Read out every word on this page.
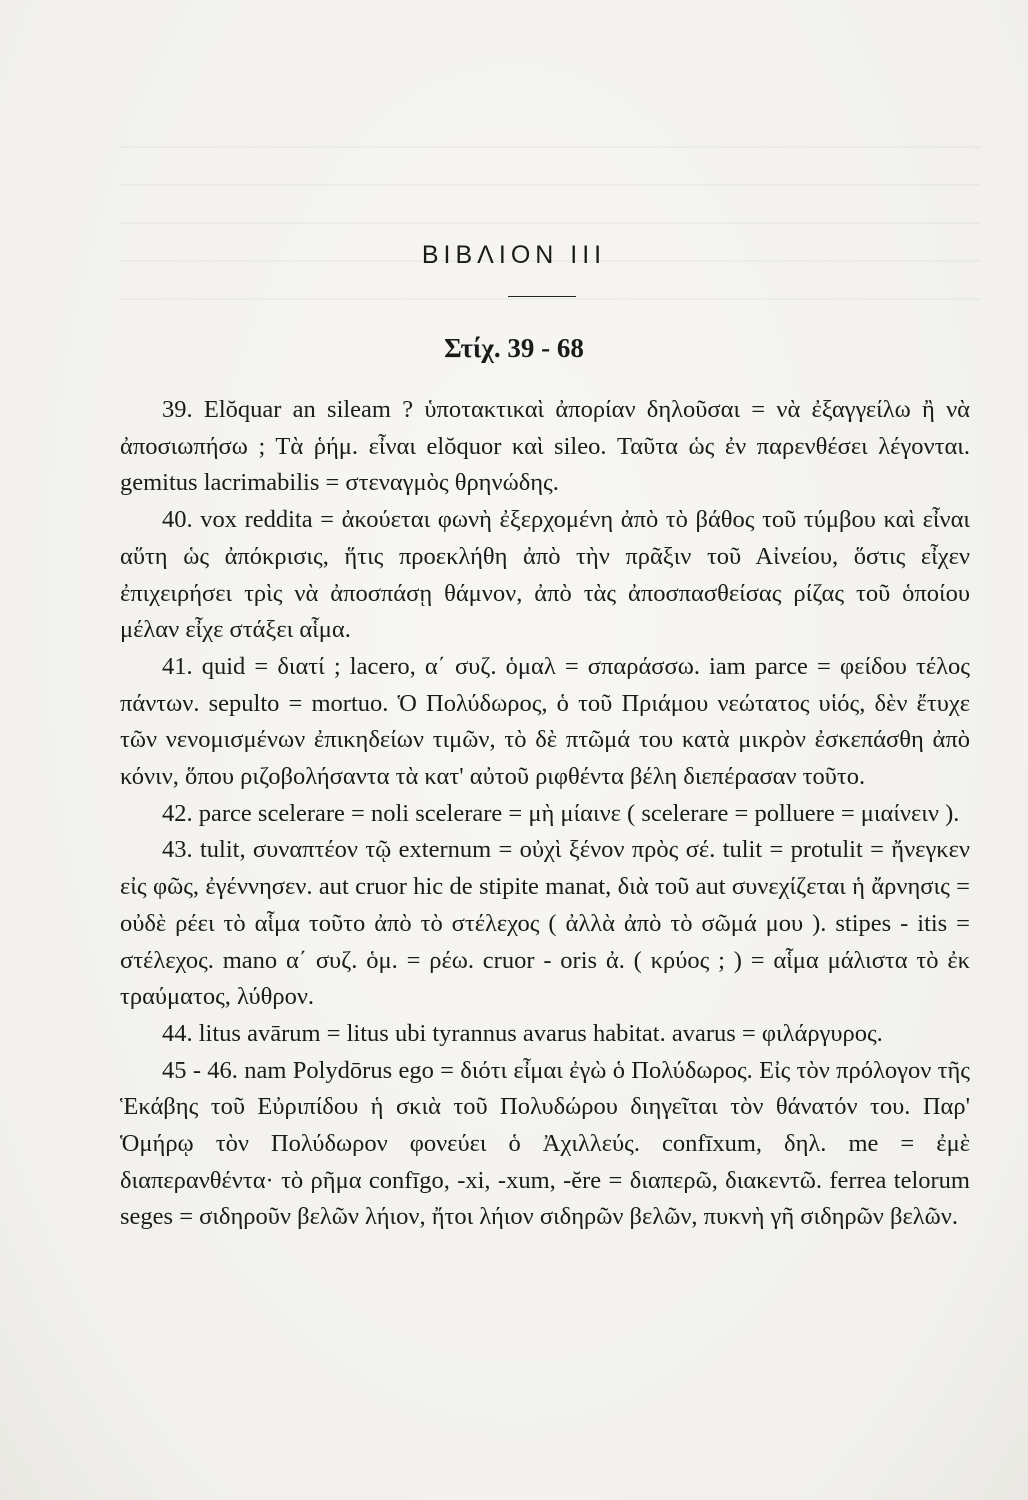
ΒΙΒΛΙΟΝ III
Στίχ. 39 - 68

39. Elŏquar an sileam ? ὑποτακτικαὶ ἀπορίαν δηλοῦσαι = νὰ ἐξαγγείλω ἢ νὰ ἀποσιωπήσω ; Τὰ ῥήμ. εἶναι elŏquor καὶ sileo. Ταῦτα ὡς ἐν παρενθέσει λέγονται. gemitus lacrimabilis = στεναγμὸς θρηνώδης.

40. vox reddita = ἀκούεται φωνὴ ἐξερχομένη ἀπὸ τὸ βάθος τοῦ τύμβου καὶ εἶναι αὕτη ὡς ἀπόκρισις, ἥτις προεκλήθη ἀπὸ τὴν πρᾶξιν τοῦ Αἰνείου, ὅστις εἶχεν ἐπιχειρήσει τρὶς νὰ ἀποσπάσῃ θάμνον, ἀπὸ τὰς ἀποσπασθείσας ρίζας τοῦ ὁποίου μέλαν εἶχε στάξει αἷμα.

41. quid = διατί ; lacero, α΄ συζ. ὁμαλ = σπαράσσω. iam parce = φείδου τέλος πάντων. sepulto = mortuo. Ὁ Πολύδωρος, ὁ τοῦ Πριάμου νεώτατος υἱός, δὲν ἔτυχε τῶν νενομισμένων ἐπικηδείων τιμῶν, τὸ δὲ πτῶμά του κατὰ μικρὸν ἐσκεπάσθη ἀπὸ κόνιν, ὅπου ριζοβολήσαντα τὰ κατ' αὐτοῦ ριφθέντα βέλη διεπέρασαν τοῦτο.

42. parce scelerare = noli scelerare = μὴ μίαινε ( scelerare = polluere = μιαίνειν ).

43. tulit, συναπτέον τῷ externum = οὐχὶ ξένον πρὸς σέ. tulit = protulit = ἤνεγκεν εἰς φῶς, ἐγέννησεν. aut cruor hic de stipite manat, διὰ τοῦ aut συνεχίζεται ἡ ἄρνησις = οὐδὲ ρέει τὸ αἷμα τοῦτο ἀπὸ τὸ στέλεχος ( ἀλλὰ ἀπὸ τὸ σῶμά μου ). stipes - itis = στέλεχος. mano α΄ συζ. ὁμ. = ρέω. cruor - oris ἀ. ( κρύος ; ) = αἷμα μάλιστα τὸ ἐκ τραύματος, λύθρον.

44. litus avārum = litus ubi tyrannus avarus habitat. avarus = φιλάργυρος.

45 - 46. nam Polydōrus ego = διότι εἶμαι ἐγὼ ὁ Πολύδωρος. Εἰς τὸν πρόλογον τῆς Ἑκάβης τοῦ Εὐριπίδου ἡ σκιὰ τοῦ Πολυδώρου διηγεῖται τὸν θάνατόν του. Παρ' Ὁμήρῳ τὸν Πολύδωρον φονεύει ὁ Ἀχιλλεύς. confīxum, δηλ. me = ἐμὲ διαπερανθέντα· τὸ ρῆμα confīgo, -xi, -xum, -ĕre = διαπερῶ, διακεντῶ. ferrea telorum seges = σιδηροῦν βελῶν λήιον, ἤτοι λήιον σιδηρῶν βελῶν, πυκνὴ γῆ σιδηρῶν βελῶν.
